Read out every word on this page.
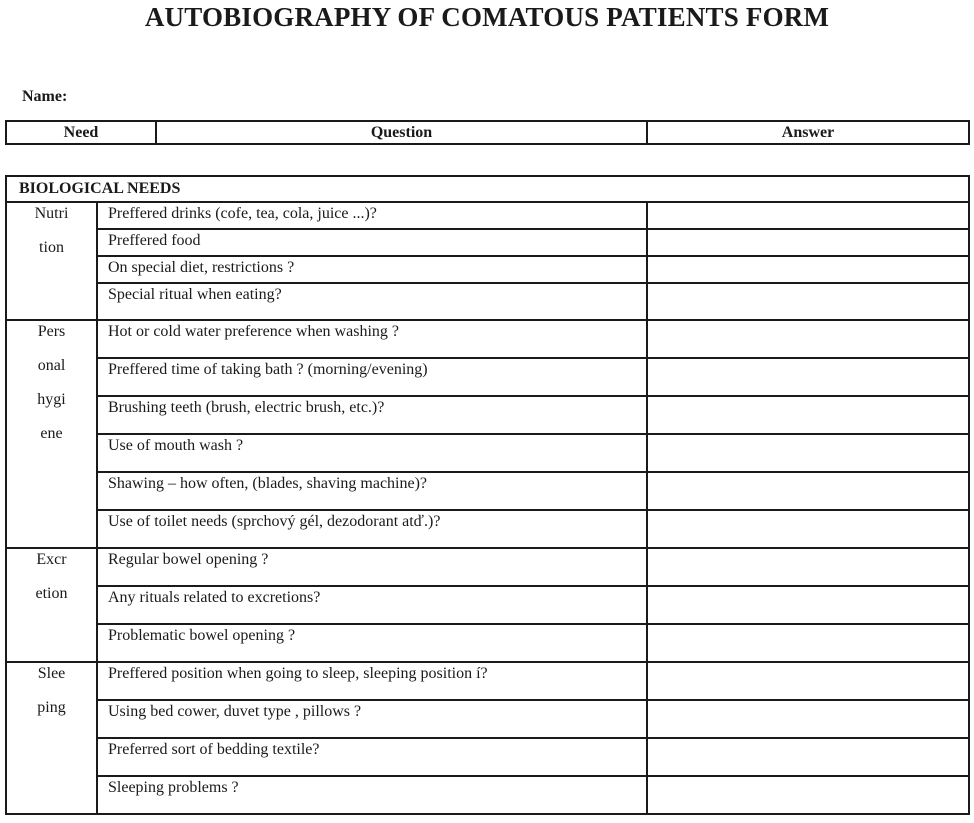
AUTOBIOGRAPHY OF COMATOUS PATIENTS FORM
Name:
Need	Question	Answer
BIOLOGICAL NEEDS		

Nutri
tion	Preffered drinks (cofe, tea, cola, juice ...)?	
	Preffered food	
	On special diet, restrictions ?	
	Special ritual when eating?	

Pers
onal
hygi
ene	Hot or cold water preference when washing ?	
	Preffered time of taking bath ? (morning/evening)	
	Brushing teeth (brush, electric brush, etc.)?	
	Use of mouth wash ?	
	Shawing – how often, (blades, shaving machine)?	
	Use of toilet needs (sprchový gél, dezodorant atď.)?	

Excr
etion	Regular bowel opening ?	
	Any rituals related to excretions?	
	Problematic bowel opening ?	

Slee
ping	Preffered position when going to sleep, sleeping position í?	
	Using bed cower, duvet type , pillows ?	
	Preferred sort of bedding textile?	
	Sleeping problems ?	
